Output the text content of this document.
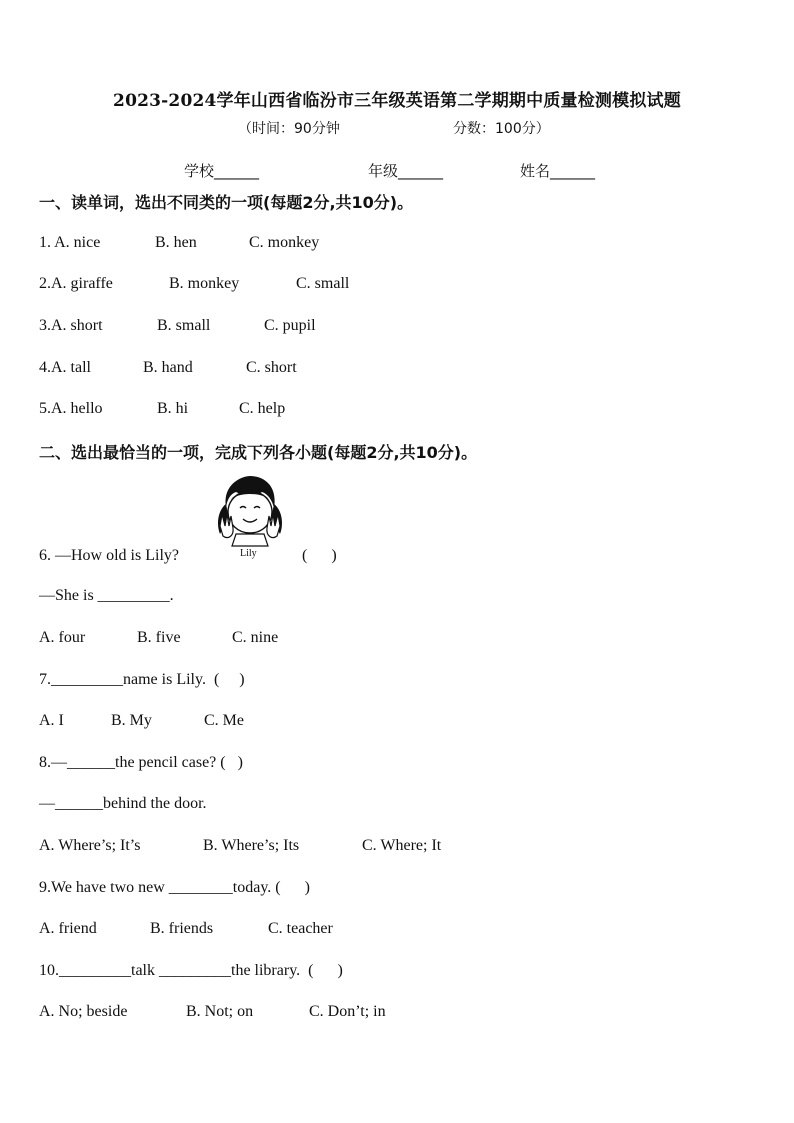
2023-2024学年山西省临汾市三年级英语第二学期期中质量检测模拟试题
（时间：90分钟	分数：100分）
学校______	年级______	姓名______
一、读单词，选出不同类的一项(每题2分,共10分)。
1. A. nice	B. hen	C. monkey
2.A. giraffe	B. monkey	C. small
3.A. short	B. small	C. pupil
4.A. tall	B. hand	C. short
5.A. hello	B. hi	C. help
二、选出最恰当的一项，完成下列各小题(每题2分,共10分)。
Lily
6. —How old is Lily?	(      )
—She is _________.
A. four	B. five	C. nine
7._________name is Lily.  (     )
A. I	B. My	C. Me
8.—______the pencil case? (   )
—______behind the door.
A. Where’s; It’s	B. Where’s; Its	C. Where; It
9.We have two new ________today. (      )
A. friend	B. friends	C. teacher
10._________talk _________the library.  (      )
A. No; beside	B. Not; on	C. Don’t; in
